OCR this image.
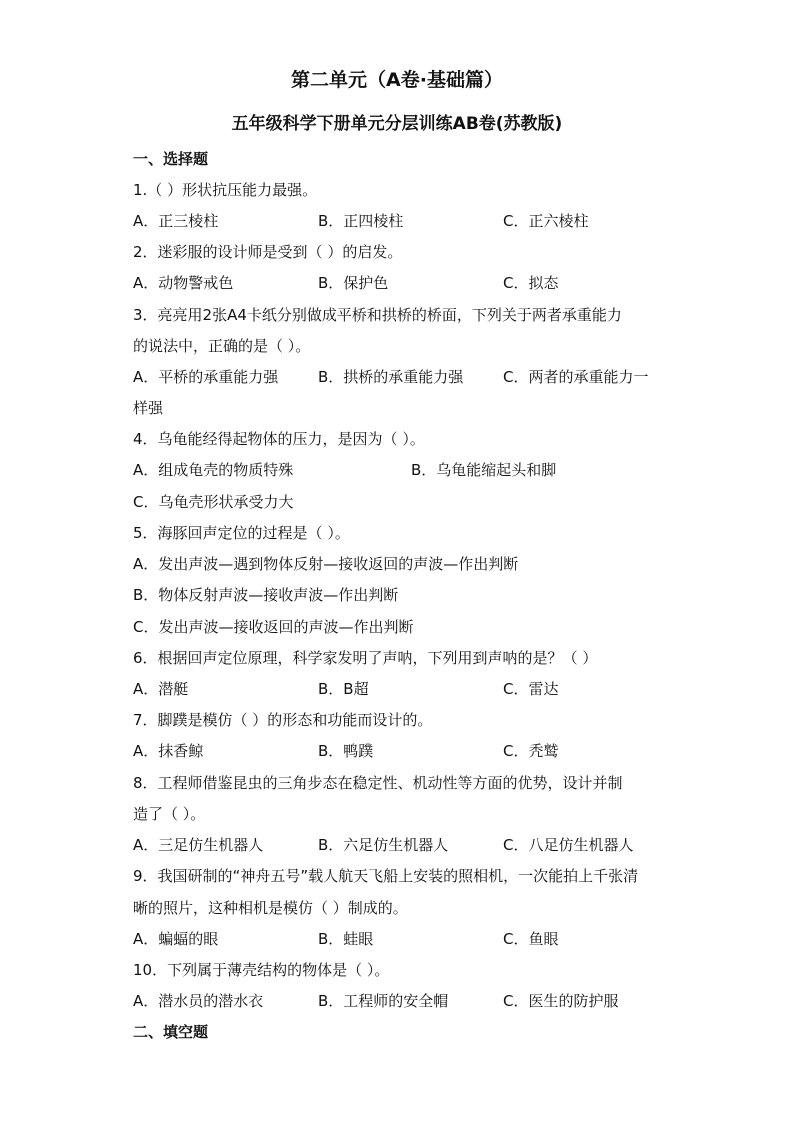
第二单元（A卷·基础篇）
五年级科学下册单元分层训练AB卷(苏教版)
一、选择题
1.（ ）形状抗压能力最强。
A．正三棱柱	B．正四棱柱	C．正六棱柱
2．迷彩服的设计师是受到（ ）的启发。
A．动物警戒色	B．保护色	C．拟态
3．亮亮用2张A4卡纸分别做成平桥和拱桥的桥面，下列关于两者承重能力
的说法中，正确的是（ ）。
A．平桥的承重能力强	B．拱桥的承重能力强	C．两者的承重能力一
样强
4．乌龟能经得起物体的压力，是因为（ ）。
A．组成龟壳的物质特殊	B．乌龟能缩起头和脚
C．乌龟壳形状承受力大
5．海豚回声定位的过程是（ ）。
A．发出声波—遇到物体反射—接收返回的声波—作出判断
B．物体反射声波—接收声波—作出判断
C．发出声波—接收返回的声波—作出判断
6．根据回声定位原理，科学家发明了声呐，下列用到声呐的是？（ ）
A．潜艇	B．B超	C．雷达
7．脚蹼是模仿（ ）的形态和功能而设计的。
A．抹香鲸	B．鸭蹼	C．秃鹫
8．工程师借鉴昆虫的三角步态在稳定性、机动性等方面的优势，设计并制
造了（ ）。
A．三足仿生机器人	B．六足仿生机器人	C．八足仿生机器人
9．我国研制的“神舟五号”载人航天飞船上安装的照相机，一次能拍上千张清
晰的照片，这种相机是模仿（ ）制成的。
A．蝙蝠的眼	B．蛙眼	C．鱼眼
10．下列属于薄壳结构的物体是（ ）。
A．潜水员的潜水衣	B．工程师的安全帽	C．医生的防护服
二、填空题
